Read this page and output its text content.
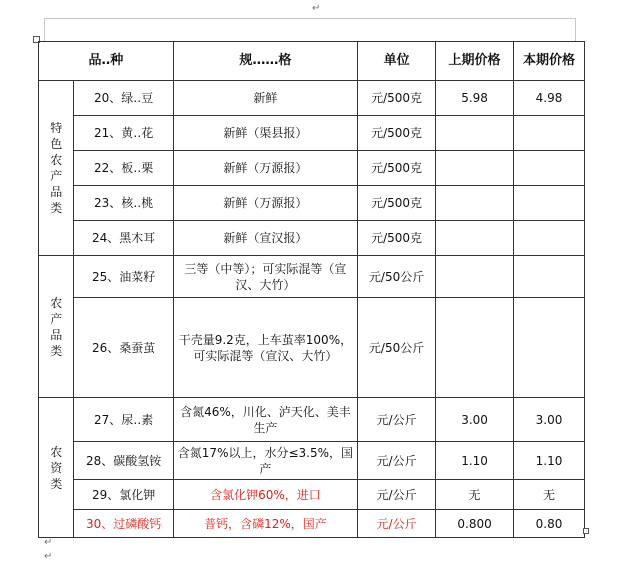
↵
品‥种		规……格	单位	上期价格	本期价格

特色农产品类	20、绿‥豆	新鲜	元/500克	5.98	4.98
	21、黄‥花	新鲜（渠县报）	元/500克		
	22、板‥栗	新鲜（万源报）	元/500克		
	23、核‥桃	新鲜（万源报）	元/500克		
	24、黑木耳	新鲜（宣汉报）	元/500克		

农产品类	25、油菜籽	三等（中等）；可实际混等（宣汉、大竹）	元/50公斤		
	26、桑蚕茧	干壳量9.2克，上车茧率100%，可实际混等（宣汉、大竹）	元/50公斤		

农资类	27、尿‥素	含氮46%，川化、泸天化、美丰生产	元/公斤	3.00	3.00
	28、碳酸氢铵	含氮17%以上，水分≤3.5%，国产	元/公斤	1.10	1.10
	29、氯化钾	含氯化钾60%，进口	元/公斤	无	无
	30、过磷酸钙	普钙，含磷12%，国产	元/公斤	0.800	0.80
↵
↵
